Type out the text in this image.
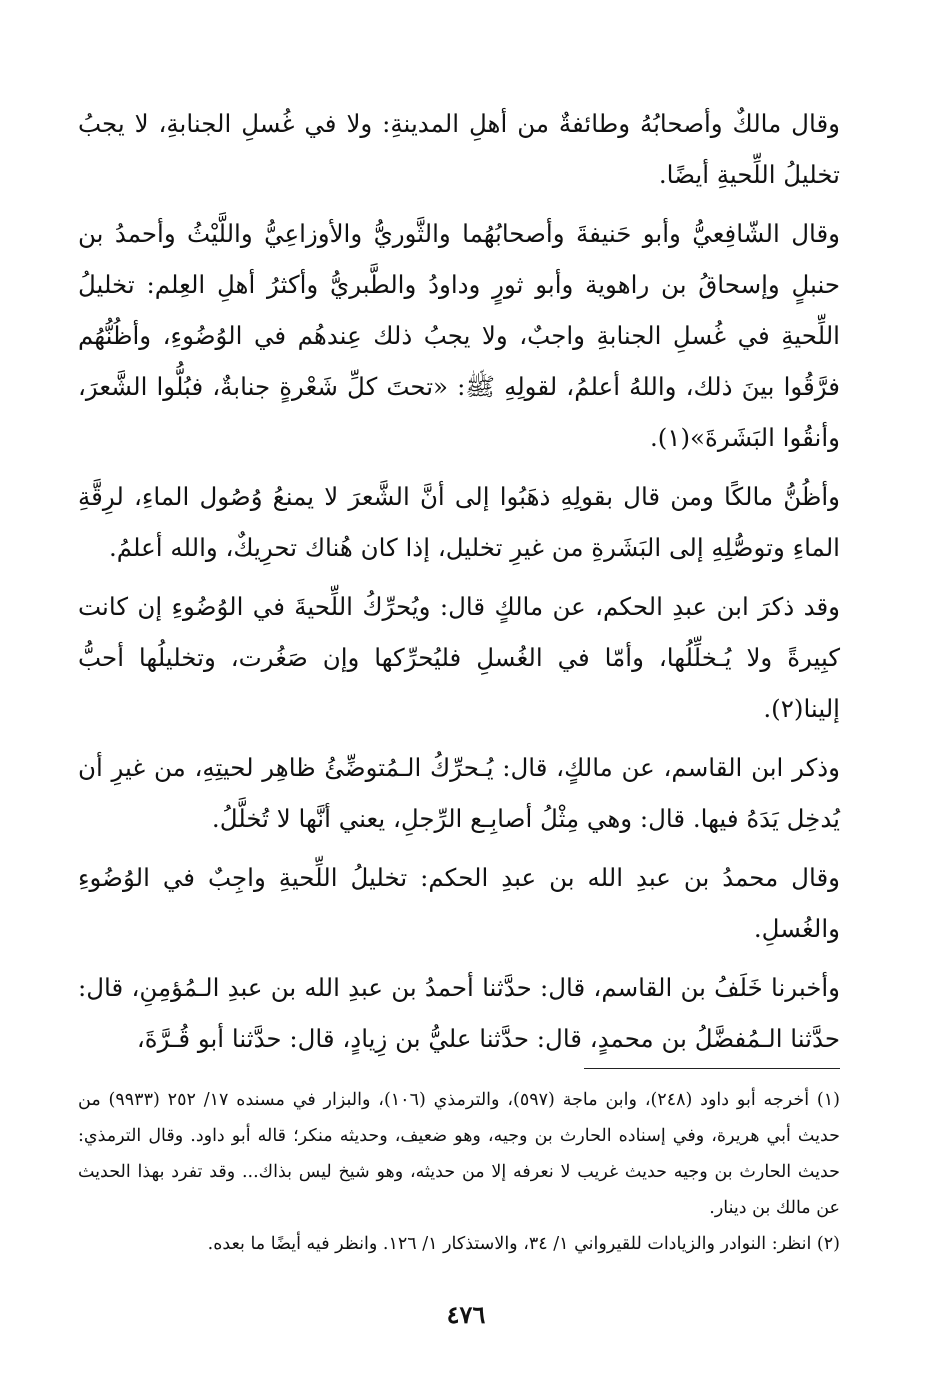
وقال مالكٌ وأصحابُهُ وطائفةٌ من أهلِ المدينةِ: ولا في غُسلِ الجنابةِ، لا يجبُ تخليلُ اللِّحيةِ أيضًا.

وقال الشّافِعيُّ وأبو حَنيفةَ وأصحابُهُما والثَّوريُّ والأوزاعِيُّ واللَّيْثُ وأحمدُ بن حنبلٍ وإسحاقُ بن راهوية وأبو ثورٍ وداودُ والطَّبريُّ وأكثرُ أهلِ العِلم: تخليلُ اللِّحيةِ في غُسلِ الجنابةِ واجبٌ، ولا يجبُ ذلك عِندهُم في الوُضُوءِ، وأظُنُّهُم فرَّقُوا بينَ ذلك، واللهُ أعلمُ، لقولِهِ ﷺ: «تحتَ كلِّ شَعْرةٍ جنابةٌ، فبُلُّوا الشَّعرَ، وأنقُوا البَشَرةَ»(١).

وأظُنُّ مالكًا ومن قال بقولِهِ ذهَبُوا إلى أنَّ الشَّعرَ لا يمنعُ وُصُول الماءِ، لرِقَّةِ الماءِ وتوصُّلِهِ إلى البَشَرةِ من غيرِ تخليل، إذا كان هُناك تحرِيكٌ، والله أعلمُ.

وقد ذكرَ ابن عبدِ الحكم، عن مالكٍ قال: ويُحرِّكُ اللِّحيةَ في الوُضُوءِ إن كانت كبِيرةً ولا يُـخلِّلُها، وأمّا في الغُسلِ فليُحرِّكها وإن صَغُرت، وتخليلُها أحبُّ إلينا(٢).

وذكر ابن القاسم، عن مالكٍ، قال: يُـحرِّكُ الـمُتوضِّئُ ظاهِر لحيتِهِ، من غيرِ أن يُدخِل يَدَهُ فيها. قال: وهي مِثْلُ أصابِـع الرِّجلِ، يعني أنَّها لا تُخلَّلُ.

وقال محمدُ بن عبدِ الله بن عبدِ الحكم: تخليلُ اللِّحيةِ واجِبٌ في الوُضُوءِ والغُسلِ.

وأخبرنا خَلَفُ بن القاسم، قال: حدَّثنا أحمدُ بن عبدِ الله بن عبدِ الـمُؤمِنِ، قال: حدَّثنا الـمُفضَّلُ بن محمدٍ، قال: حدَّثنا عليُّ بن زِيادٍ، قال: حدَّثنا أبو قُـرَّةَ،

(١) أخرجه أبو داود (٢٤٨)، وابن ماجة (٥٩٧)، والترمذي (١٠٦)، والبزار في مسنده ١٧/ ٢٥٢ (٩٩٣٣) من حديث أبي هريرة، وفي إسناده الحارث بن وجيه، وهو ضعيف، وحديثه منكر؛ قاله أبو داود. وقال الترمذي: حديث الحارث بن وجيه حديث غريب لا نعرفه إلا من حديثه، وهو شيخ ليس بذاك... وقد تفرد بهذا الحديث عن مالك بن دينار.

(٢) انظر: النوادر والزيادات للقيرواني ١/ ٣٤، والاستذكار ١/ ١٢٦. وانظر فيه أيضًا ما بعده.

٤٧٦
